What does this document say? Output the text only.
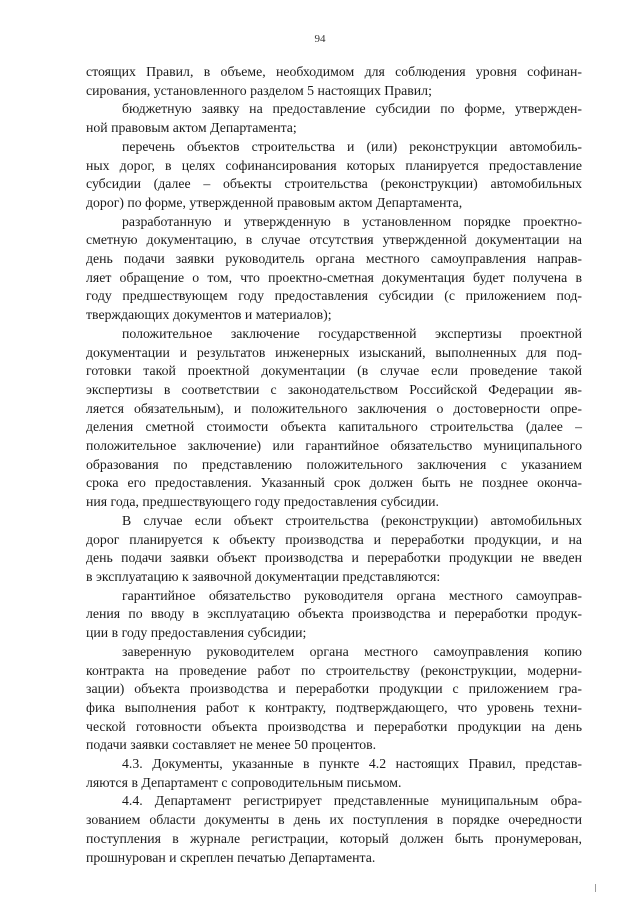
94
стоящих Правил, в объеме, необходимом для соблюдения уровня софинан-
сирования, установленного разделом 5 настоящих Правил;
бюджетную заявку на предоставление субсидии по форме, утвержден-
ной правовым актом Департамента;
перечень объектов строительства и (или) реконструкции автомобиль-
ных дорог, в целях софинансирования которых планируется предоставление
субсидии (далее – объекты строительства (реконструкции) автомобильных
дорог) по форме, утвержденной правовым актом Департамента,
разработанную и утвержденную в установленном порядке проектно-
сметную документацию, в случае отсутствия утвержденной документации на
день подачи заявки руководитель органа местного самоуправления направ-
ляет обращение о том, что проектно-сметная документация будет получена в
году предшествующем году предоставления субсидии (с приложением под-
тверждающих документов и материалов);
положительное заключение государственной экспертизы проектной
документации и результатов инженерных изысканий, выполненных для под-
готовки такой проектной документации (в случае если проведение такой
экспертизы в соответствии с законодательством Российской Федерации яв-
ляется обязательным), и положительного заключения о достоверности опре-
деления сметной стоимости объекта капитального строительства (далее –
положительное заключение) или гарантийное обязательство муниципального
образования по представлению положительного заключения с указанием
срока его предоставления. Указанный срок должен быть не позднее оконча-
ния года, предшествующего году предоставления субсидии.
В случае если объект строительства (реконструкции) автомобильных
дорог планируется к объекту производства и переработки продукции, и на
день подачи заявки объект производства и переработки продукции не введен
в эксплуатацию к заявочной документации представляются:
гарантийное обязательство руководителя органа местного самоуправ-
ления по вводу в эксплуатацию объекта производства и переработки продук-
ции в году предоставления субсидии;
заверенную руководителем органа местного самоуправления копию
контракта на проведение работ по строительству (реконструкции, модерни-
зации) объекта производства и переработки продукции с приложением гра-
фика выполнения работ к контракту, подтверждающего, что уровень техни-
ческой готовности объекта производства и переработки продукции на день
подачи заявки составляет не менее 50 процентов.
4.3. Документы, указанные в пункте 4.2 настоящих Правил, представ-
ляются в Департамент с сопроводительным письмом.
4.4. Департамент регистрирует представленные муниципальным обра-
зованием области документы в день их поступления в порядке очередности
поступления в журнале регистрации, который должен быть пронумерован,
прошнурован и скреплен печатью Департамента.
